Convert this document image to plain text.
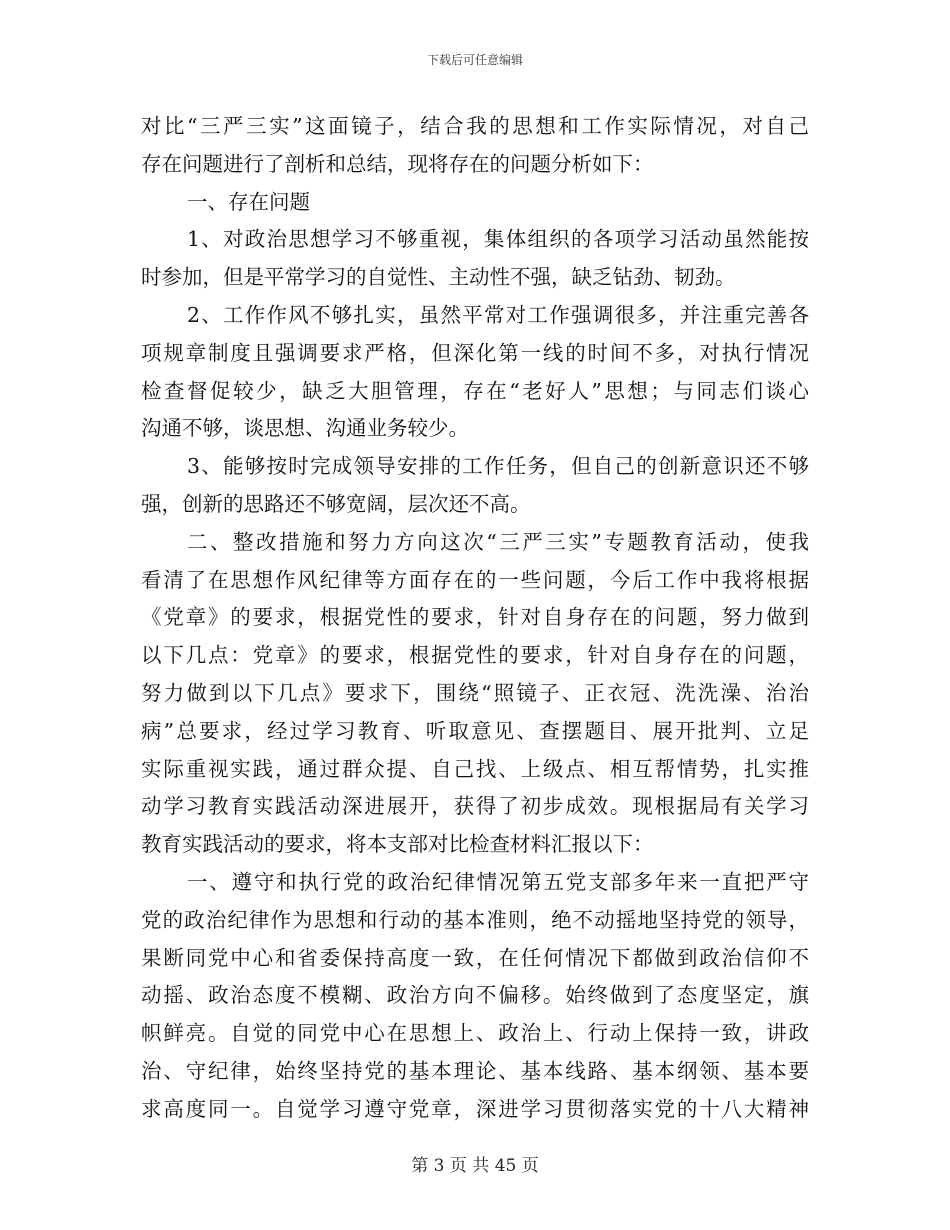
下载后可任意编辑
对比“三严三实”这面镜子，结合我的思想和工作实际情况，对自己
存在问题进行了剖析和总结，现将存在的问题分析如下：
一、存在问题
1、对政治思想学习不够重视，集体组织的各项学习活动虽然能按
时参加，但是平常学习的自觉性、主动性不强，缺乏钻劲、韧劲。
2、工作作风不够扎实，虽然平常对工作强调很多，并注重完善各
项规章制度且强调要求严格，但深化第一线的时间不多，对执行情况
检查督促较少，缺乏大胆管理，存在“老好人”思想；与同志们谈心
沟通不够，谈思想、沟通业务较少。
3、能够按时完成领导安排的工作任务，但自己的创新意识还不够
强，创新的思路还不够宽阔，层次还不高。
二、整改措施和努力方向这次“三严三实”专题教育活动，使我
看清了在思想作风纪律等方面存在的一些问题，今后工作中我将根据
《党章》的要求，根据党性的要求，针对自身存在的问题，努力做到
以下几点：党章》的要求，根据党性的要求，针对自身存在的问题，
努力做到以下几点》要求下，围绕“照镜子、正衣冠、洗洗澡、治治
病”总要求，经过学习教育、听取意见、查摆题目、展开批判、立足
实际重视实践，通过群众提、自己找、上级点、相互帮情势，扎实推
动学习教育实践活动深进展开，获得了初步成效。现根据局有关学习
教育实践活动的要求，将本支部对比检查材料汇报以下：
一、遵守和执行党的政治纪律情况第五党支部多年来一直把严守
党的政治纪律作为思想和行动的基本准则，绝不动摇地坚持党的领导，
果断同党中心和省委保持高度一致，在任何情况下都做到政治信仰不
动摇、政治态度不模糊、政治方向不偏移。始终做到了态度坚定，旗
帜鲜亮。自觉的同党中心在思想上、政治上、行动上保持一致，讲政
治、守纪律，始终坚持党的基本理论、基本线路、基本纲领、基本要
求高度同一。自觉学习遵守党章，深进学习贯彻落实党的十八大精神
第 3 页 共 45 页
